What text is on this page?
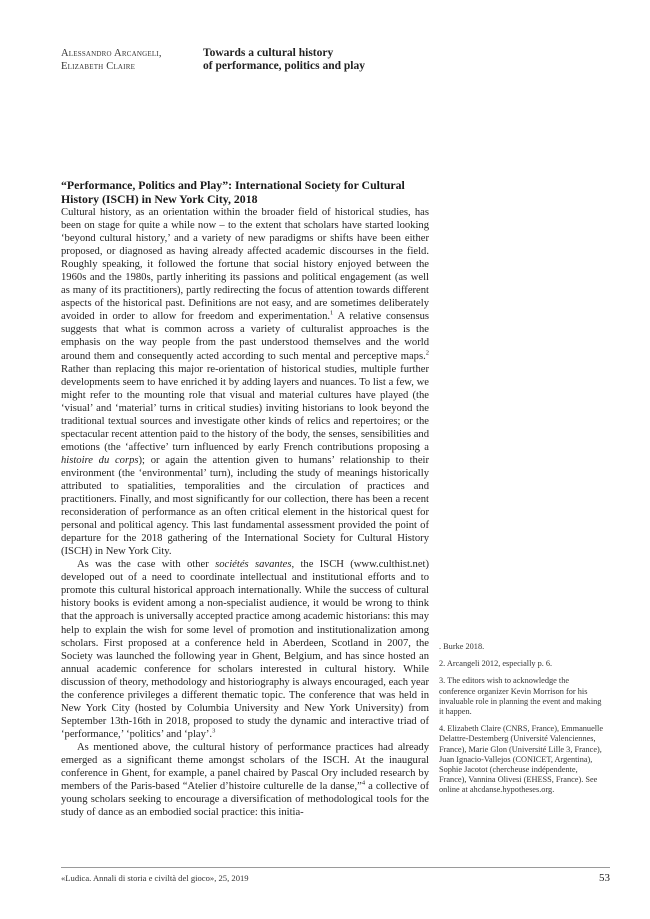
Alessandro Arcangeli,
Elizabeth Claire
Towards a cultural history
of performance, politics and play
“Performance, Politics and Play”: International Society for Cultural History (ISCH) in New York City, 2018

Cultural history, as an orientation within the broader field of historical studies, has been on stage for quite a while now – to the extent that scholars have started looking ‘beyond cultural history,’ and a variety of new paradigms or shifts have been either proposed, or diagnosed as having already affected academic discourses in the field. Roughly speaking, it followed the fortune that social history enjoyed between the 1960s and the 1980s, partly inheriting its passions and political engagement (as well as many of its practitioners), partly redirecting the focus of attention towards different aspects of the historical past. Definitions are not easy, and are sometimes deliberately avoided in order to allow for freedom and experimentation.$^1$ A relative consensus suggests that what is common across a variety of culturalist approaches is the emphasis on the way people from the past understood themselves and the world around them and consequently acted according to such mental and perceptive maps.$^2$ Rather than replacing this major re-orientation of historical studies, multiple further developments seem to have enriched it by adding layers and nuances. To list a few, we might refer to the mounting role that visual and material cultures have played (the ‘visual’ and ‘material’ turns in critical studies) inviting historians to look beyond the traditional textual sources and investigate other kinds of relics and repertoires; or the spectacular recent attention paid to the history of the body, the senses, sensibilities and emotions (the ‘affective’ turn influenced by early French contributions proposing a histoire du corps); or again the attention given to humans’ relationship to their environment (the ‘environmental’ turn), including the study of meanings historically attributed to spatialities, temporalities and the circulation of practices and practitioners. Finally, and most significantly for our collection, there has been a recent reconsideration of performance as an often critical element in the historical quest for personal and political agency. This last fundamental assessment provided the point of departure for the 2018 gathering of the International Society for Cultural History (ISCH) in New York City.

As was the case with other sociétés savantes, the ISCH (www.culthist.net) developed out of a need to coordinate intellectual and institutional efforts and to promote this cultural historical approach internationally. While the success of cultural history books is evident among a non-specialist audience, it would be wrong to think that the approach is universally accepted practice among academic historians: this may help to explain the wish for some level of promotion and institutionalization among scholars. First proposed at a conference held in Aberdeen, Scotland in 2007, the Society was launched the following year in Ghent, Belgium, and has since hosted an annual academic conference for scholars interested in cultural history. While discussion of theory, methodology and historiography is always encouraged, each year the conference privileges a different thematic topic. The conference that was held in New York City (hosted by Columbia University and New York University) from September 13th-16th in 2018, proposed to study the dynamic and interactive triad of ‘performance,’ ‘politics’ and ‘play’.$^3$

As mentioned above, the cultural history of performance practices had already emerged as a significant theme amongst scholars of the ISCH. At the inaugural conference in Ghent, for example, a panel chaired by Pascal Ory included research by members of the Paris-based “Atelier d’histoire culturelle de la danse,”$^4$ a collective of young scholars seeking to encourage a diversification of methodological tools for the study of dance as an embodied social practice: this initia-

. Burke 2018.
2. Arcangeli 2012, especially p. 6.
3. The editors wish to acknowledge the conference organizer Kevin Morrison for his invaluable role in planning the event and making it happen.
4. Elizabeth Claire (CNRS, France), Emmanuelle Delattre-Destemberg (Université Valenciennes, France), Marie Glon (Université Lille 3, France), Juan Ignacio-Vallejos (CONICET, Argentina), Sophie Jacotot (chercheuse indépendente, France), Vannina Olivesi (EHESS, France). See online at ahcdanse.hypotheses.org.
«Ludica. Annali di storia e civiltà del gioco», 25, 2019	53
